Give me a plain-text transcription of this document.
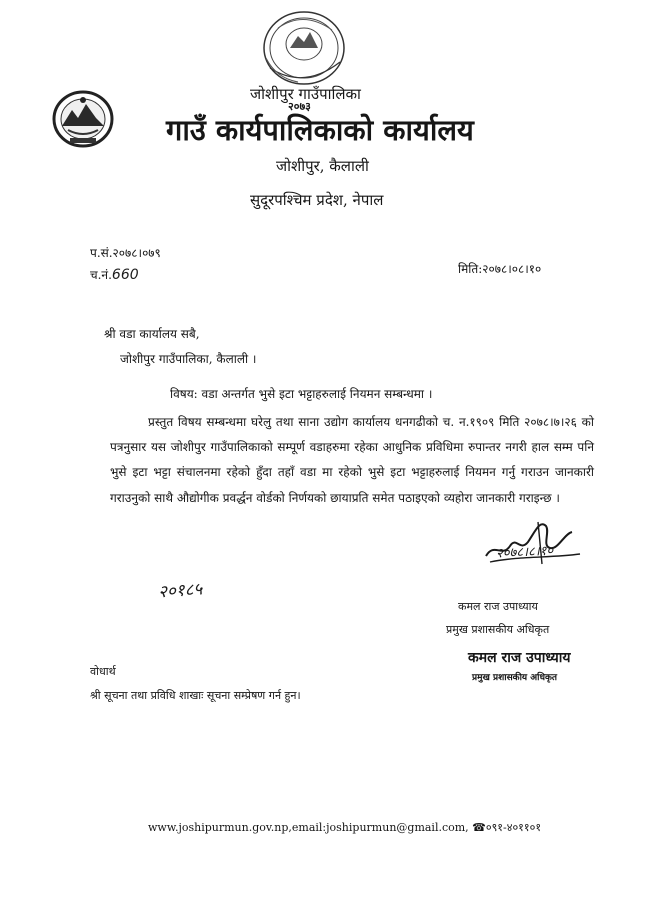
जोशीपुर गाउँपालिका
२०७३
गाउँ कार्यपालिकाको कार्यालय
जोशीपुर, कैलाली
सुदूरपश्चिम प्रदेश, नेपाल
प.सं.२०७८।०७९
च.नं.660	मिति:२०७८।०८।१०
श्री वडा कार्यालय सबै,
जोशीपुर गाउँपालिका, कैलाली ।
विषय: वडा अन्तर्गत भुसे इटा भट्टाहरुलाई नियमन सम्बन्धमा ।

प्रस्तुत विषय सम्बन्धमा घरेलु तथा साना उद्योग कार्यालय धनगढीको च. न.१९०९ मिति २०७८।७।२६ को पत्रनुसार यस जोशीपुर गाउँपालिकाको सम्पूर्ण वडाहरुमा रहेका आधुनिक प्रविधिमा रुपान्तर नगरी हाल सम्म पनि भुसे इटा भट्टा संचालनमा रहेको हुँदा तहाँ वडा मा रहेको भुसे इटा भट्टाहरुलाई नियमन गर्नु गराउन जानकारी गराउनुको साथै औद्योगीक प्रवर्द्धन वोर्डको निर्णयको छायाप्रति समेत पठाइएको व्यहोरा जानकारी गराइन्छ ।

२०१८५
२०७८।८।१०
कमल राज उपाध्याय
प्रमुख प्रशासकीय अधिकृत
कमल राज उपाध्याय
प्रमुख प्रशासकीय अधिकृत
वोधार्थ
श्री सूचना तथा प्रविधि शाखाः सूचना सम्प्रेषण गर्न हुन।
www.joshipurmun.gov.np,email:joshipurmun@gmail.com, ☎०९१-४०११०१
